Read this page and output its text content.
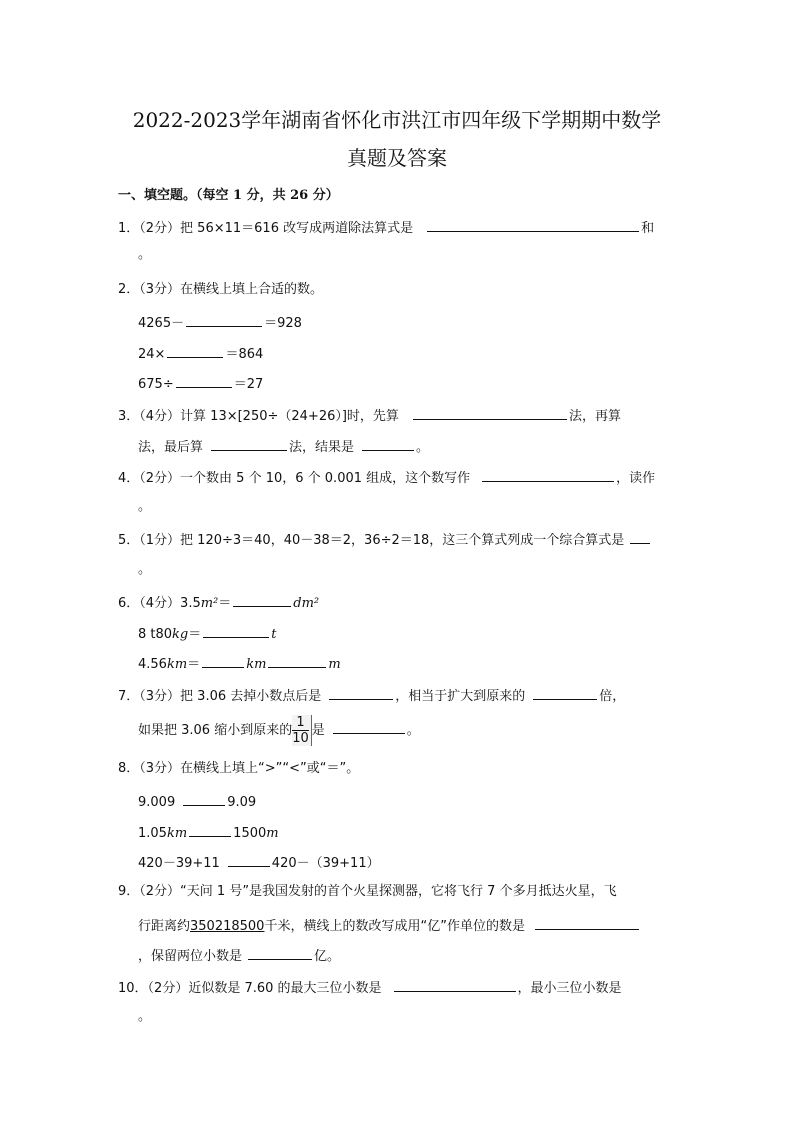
2022-2023学年湖南省怀化市洪江市四年级下学期期中数学
真题及答案
一、填空题。（每空 1 分，共 26 分）
1．（2分）把 56×11＝616 改写成两道除法算式是	和
。
2．（3分）在横线上填上合适的数。
4265－	＝928
24×	＝864
675÷	＝27
3．（4分）计算 13×[250÷（24+26）]时，先算	法，再算
法，最后算	法，结果是	。
4．（2分）一个数由 5 个 10，6 个 0.001 组成，这个数写作	，读作
。
5．（1分）把 120÷3＝40，40－38＝2，36÷2＝18，这三个算式列成一个综合算式是
。
6．（4分）3.5m²＝	dm²
8 t80kg＝	t
4.56km＝	km	m
7．（3分）把 3.06 去掉小数点后是	，相当于扩大到原来的	倍，
如果把 3.06 缩小到原来的 $\frac{1}{10}$ 是	。
8．（3分）在横线上填上“>”“<”或“＝”。
9.009	9.09
1.05km	1500m
420－39+11	420－（39+11）
9．（2分）“天问 1 号”是我国发射的首个火星探测器，它将飞行 7 个多月抵达火星，飞
行距离约350218500千米，横线上的数改写成用“亿”作单位的数是
，保留两位小数是	亿。
10．（2分）近似数是 7.60 的最大三位小数是	，最小三位小数是
。
